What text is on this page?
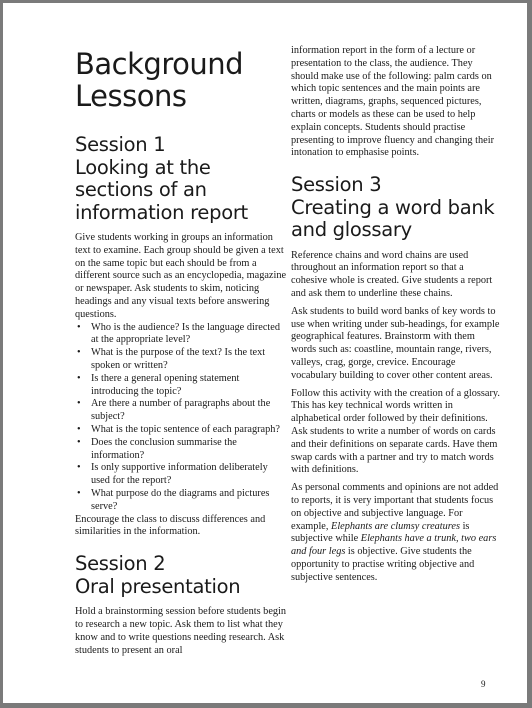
Background
Lessons
Session 1
Looking at the
sections of an
information report

Give students working in groups an information text to examine. Each group should be given a text on the same topic but each should be from a different source such as an encyclopedia, magazine or newspaper. Ask students to skim, noticing headings and any visual texts before answering questions.

• Who is the audience? Is the language directed at the appropriate level?
• What is the purpose of the text? Is the text spoken or written?
• Is there a general opening statement introducing the topic?
• Are there a number of paragraphs about the subject?
• What is the topic sentence of each paragraph?
• Does the conclusion summarise the information?
• Is only supportive information deliberately used for the report?
• What purpose do the diagrams and pictures serve?

Encourage the class to discuss differences and similarities in the information.

Session 2
Oral presentation

Hold a brainstorming session before students begin to research a new topic. Ask them to list what they know and to write questions needing research. Ask students to present an oral

information report in the form of a lecture or presentation to the class, the audience. They should make use of the following: palm cards on which topic sentences and the main points are written, diagrams, graphs, sequenced pictures, charts or models as these can be used to help explain concepts. Students should practise presenting to improve fluency and changing their intonation to emphasise points.

Session 3
Creating a word bank
and glossary

Reference chains and word chains are used throughout an information report so that a cohesive whole is created. Give students a report and ask them to underline these chains.

Ask students to build word banks of key words to use when writing under sub-headings, for example geographical features. Brainstorm with them words such as: coastline, mountain range, rivers, valleys, crag, gorge, crevice. Encourage vocabulary building to cover other content areas.

Follow this activity with the creation of a glossary. This has key technical words written in alphabetical order followed by their definitions. Ask students to write a number of words on cards and their definitions on separate cards. Have them swap cards with a partner and try to match words with definitions.

As personal comments and opinions are not added to reports, it is very important that students focus on objective and subjective language. For example, Elephants are clumsy creatures is subjective while Elephants have a trunk, two ears and four legs is objective. Give students the opportunity to practise writing objective and subjective sentences.

9
